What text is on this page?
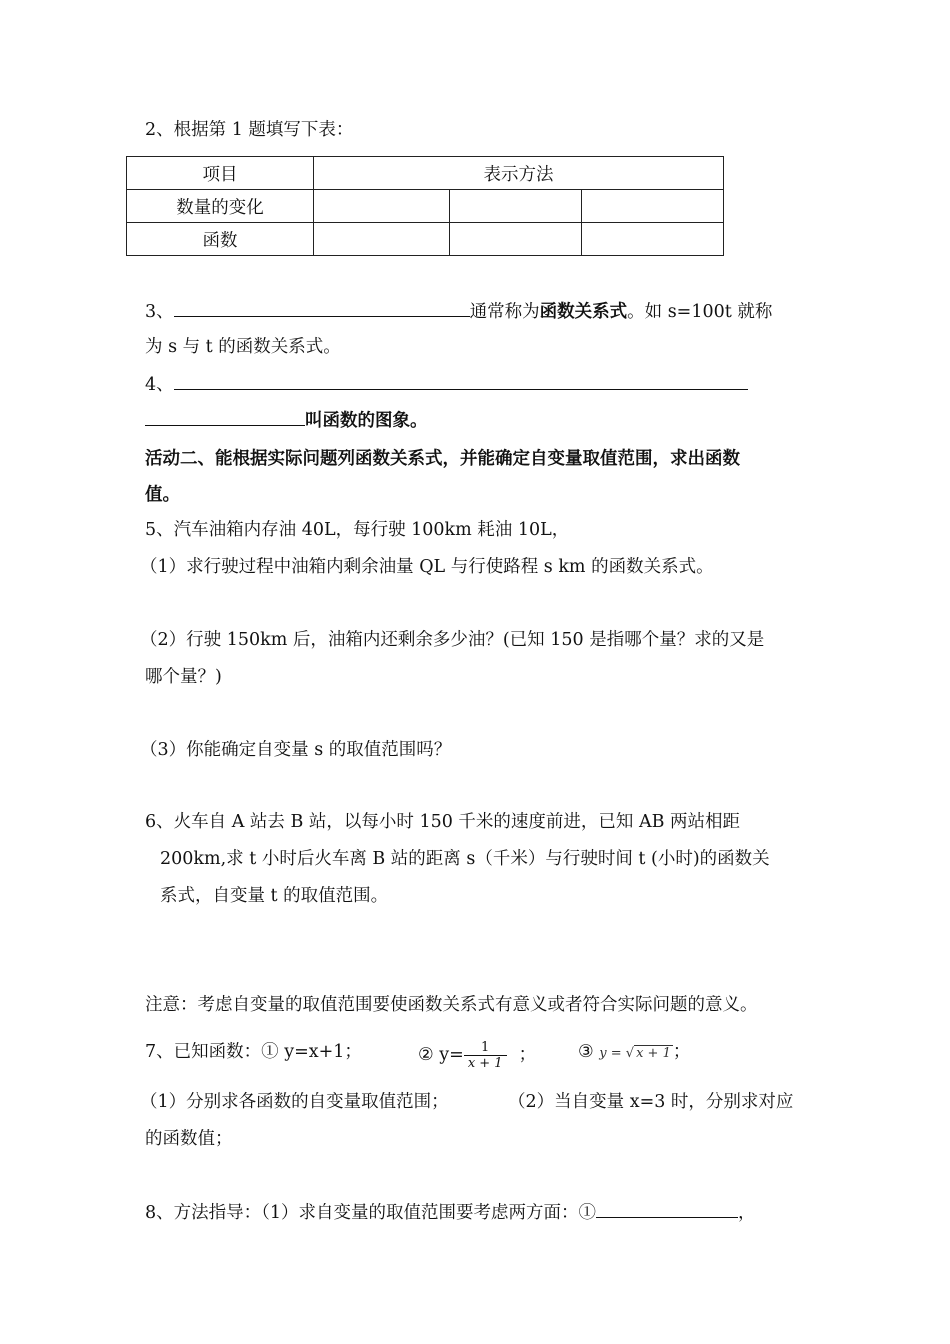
2、根据第 1 题填写下表：
项目	表示方法		
数量的变化			
函数			
3、	通常称为函数关系式。如 s=100t 就称
为 s 与 t 的函数关系式。
4、
叫函数的图象。
活动二、能根据实际问题列函数关系式，并能确定自变量取值范围，求出函数
值。
5、汽车油箱内存油 40L，每行驶 100km 耗油 10L，
（1）求行驶过程中油箱内剩余油量 QL 与行使路程 s km 的函数关系式。
（2）行驶 150km 后，油箱内还剩余多少油？(已知 150 是指哪个量？求的又是
哪个量？)
（3）你能确定自变量 s 的取值范围吗？
6、火车自 A 站去 B 站，以每小时 150 千米的速度前进，已知 AB 两站相距
200km,求 t 小时后火车离 B 站的距离 s（千米）与行驶时间 t (小时)的函数关
系式，自变量 t 的取值范围。
注意：考虑自变量的取值范围要使函数关系式有意义或者符合实际问题的意义。
7、已知函数：① y=x+1；	② $y= \frac{1}{x + 1}$ ； ③ y = √ x + 1 ；
（1）分别求各函数的自变量取值范围；	（2）当自变量 x=3 时，分别求对应
的函数值；
8、方法指导：（1）求自变量的取值范围要考虑两方面：①	，
